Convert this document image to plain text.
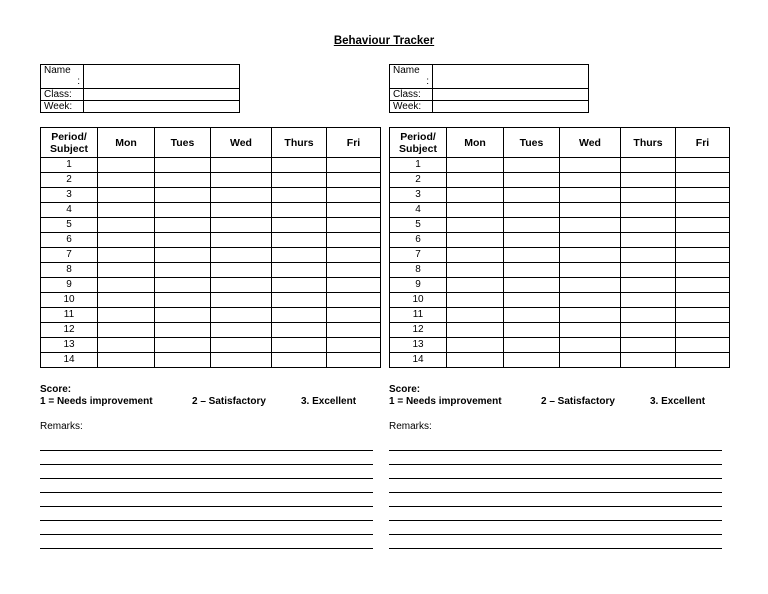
Behaviour Tracker
Name
:	

Class:	
Week:	
Period/ Subject	Mon	Tues	Wed	Thurs	Fri
1					
2					
3					
4					
5					
6					
7					
8					
9					
10					
11					
12					
13					
14					
Score:
1 = Needs improvement	2 – Satisfactory	3. Excellent
Remarks:
Name
:	

Class:	
Week:	
Period/ Subject	Mon	Tues	Wed	Thurs	Fri
1					
2					
3					
4					
5					
6					
7					
8					
9					
10					
11					
12					
13					
14					
Score:
1 = Needs improvement	2 – Satisfactory	3. Excellent
Remarks:
